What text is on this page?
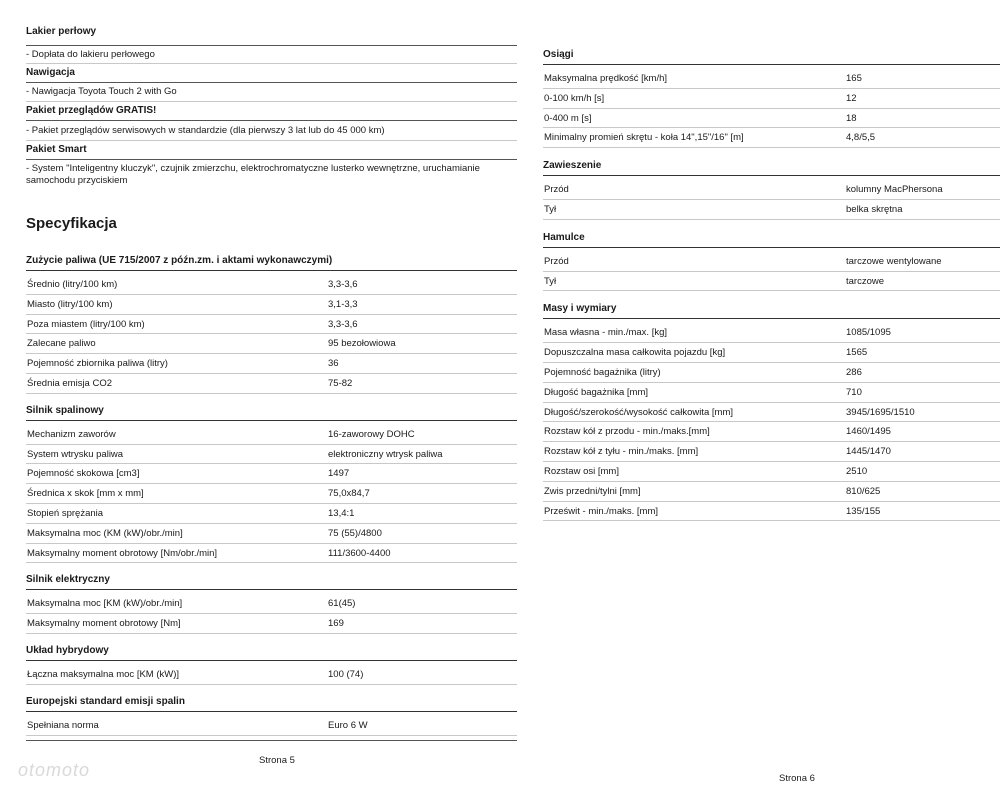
Lakier perłowy
- Dopłata do lakieru perłowego
Nawigacja
- Nawigacja Toyota Touch 2 with Go
Pakiet przeglądów GRATIS!
- Pakiet przeglądów serwisowych w standardzie (dla pierwszy 3 lat lub do 45 000 km)
Pakiet Smart
- System "Inteligentny kluczyk", czujnik zmierzchu, elektrochromatyczne lusterko wewnętrzne, uruchamianie samochodu przyciskiem
Specyfikacja
Zużycie paliwa (UE 715/2007 z późn.zm. i aktami wykonawczymi)
Średnio (litry/100 km)	3,3-3,6
Miasto (litry/100 km)	3,1-3,3
Poza miastem (litry/100 km)	3,3-3,6
Zalecane paliwo	95 bezołowiowa
Pojemność zbiornika paliwa (litry)	36
Średnia emisja CO2	75-82
Silnik spalinowy
Mechanizm zaworów	16-zaworowy DOHC
System wtrysku paliwa	elektroniczny wtrysk paliwa
Pojemność skokowa [cm3]	1497
Średnica x skok [mm x mm]	75,0x84,7
Stopień sprężania	13,4:1
Maksymalna moc (KM (kW)/obr./min]	75 (55)/4800
Maksymalny moment obrotowy [Nm/obr./min]	111/3600-4400
Silnik elektryczny
Maksymalna moc [KM (kW)/obr./min]	61(45)
Maksymalny moment obrotowy [Nm]	169
Układ hybrydowy
Łączna maksymalna moc [KM (kW)]	100 (74)
Europejski standard emisji spalin
Spełniana norma	Euro 6 W
Osiągi
Maksymalna prędkość [km/h]	165
0-100 km/h [s]	12
0-400 m [s]	18
Minimalny promień skrętu - koła 14",15"/16" [m]	4,8/5,5
Zawieszenie
Przód	kolumny MacPhersona
Tył	belka skrętna
Hamulce
Przód	tarczowe wentylowane
Tył	tarczowe
Masy i wymiary
Masa własna - min./max. [kg]	1085/1095
Dopuszczalna masa całkowita pojazdu [kg]	1565
Pojemność bagażnika (litry)	286
Długość bagażnika [mm]	710
Długość/szerokość/wysokość całkowita [mm]	3945/1695/1510
Rozstaw kół z przodu - min./maks.[mm]	1460/1495
Rozstaw kół z tyłu - min./maks. [mm]	1445/1470
Rozstaw osi [mm]	2510
Zwis przedni/tylni [mm]	810/625
Prześwit - min./maks. [mm]	135/155
Strona 5
Strona 6
otomoto
